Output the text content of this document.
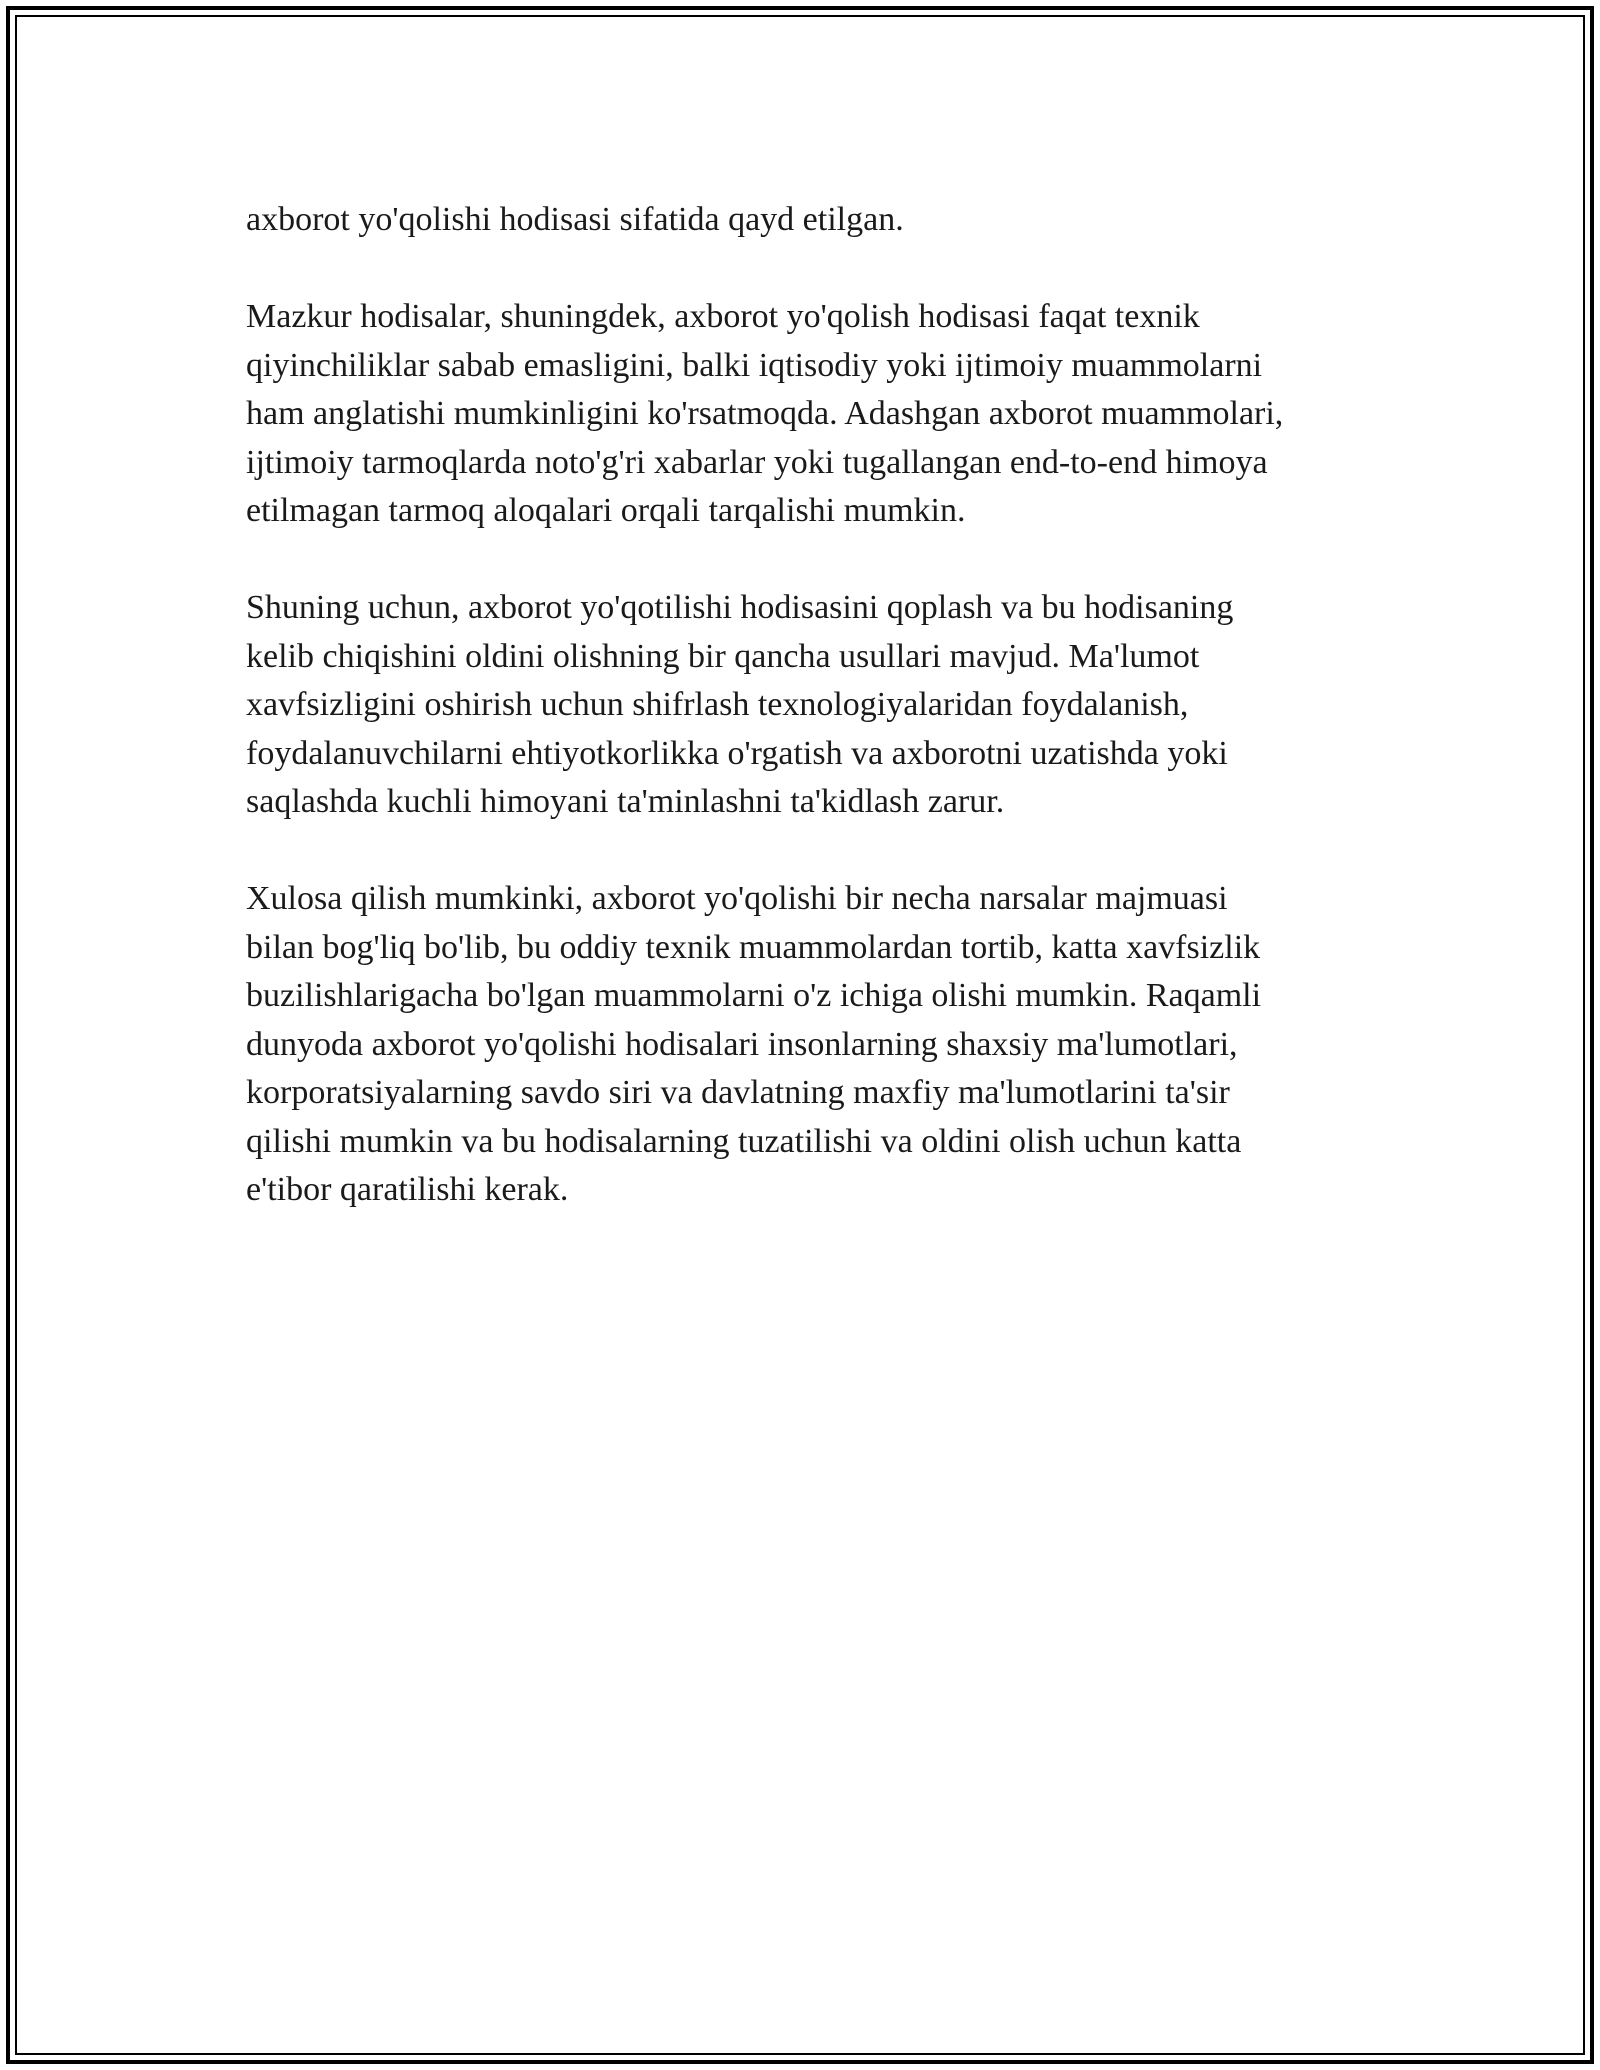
axborot yo'qolishi hodisasi sifatida qayd etilgan.

Mazkur hodisalar, shuningdek, axborot yo'qolish hodisasi faqat texnik
qiyinchiliklar sabab emasligini, balki iqtisodiy yoki ijtimoiy muammolarni
ham anglatishi mumkinligini ko'rsatmoqda. Adashgan axborot muammolari,
ijtimoiy tarmoqlarda noto'g'ri xabarlar yoki tugallangan end-to-end himoya
etilmagan tarmoq aloqalari orqali tarqalishi mumkin.

Shuning uchun, axborot yo'qotilishi hodisasini qoplash va bu hodisaning
kelib chiqishini oldini olishning bir qancha usullari mavjud. Ma'lumot
xavfsizligini oshirish uchun shifrlash texnologiyalaridan foydalanish,
foydalanuvchilarni ehtiyotkorlikka o'rgatish va axborotni uzatishda yoki
saqlashda kuchli himoyani ta'minlashni ta'kidlash zarur.

Xulosa qilish mumkinki, axborot yo'qolishi bir necha narsalar majmuasi
bilan bog'liq bo'lib, bu oddiy texnik muammolardan tortib, katta xavfsizlik
buzilishlarigacha bo'lgan muammolarni o'z ichiga olishi mumkin. Raqamli
dunyoda axborot yo'qolishi hodisalari insonlarning shaxsiy ma'lumotlari,
korporatsiyalarning savdo siri va davlatning maxfiy ma'lumotlarini ta'sir
qilishi mumkin va bu hodisalarning tuzatilishi va oldini olish uchun katta
e'tibor qaratilishi kerak.
